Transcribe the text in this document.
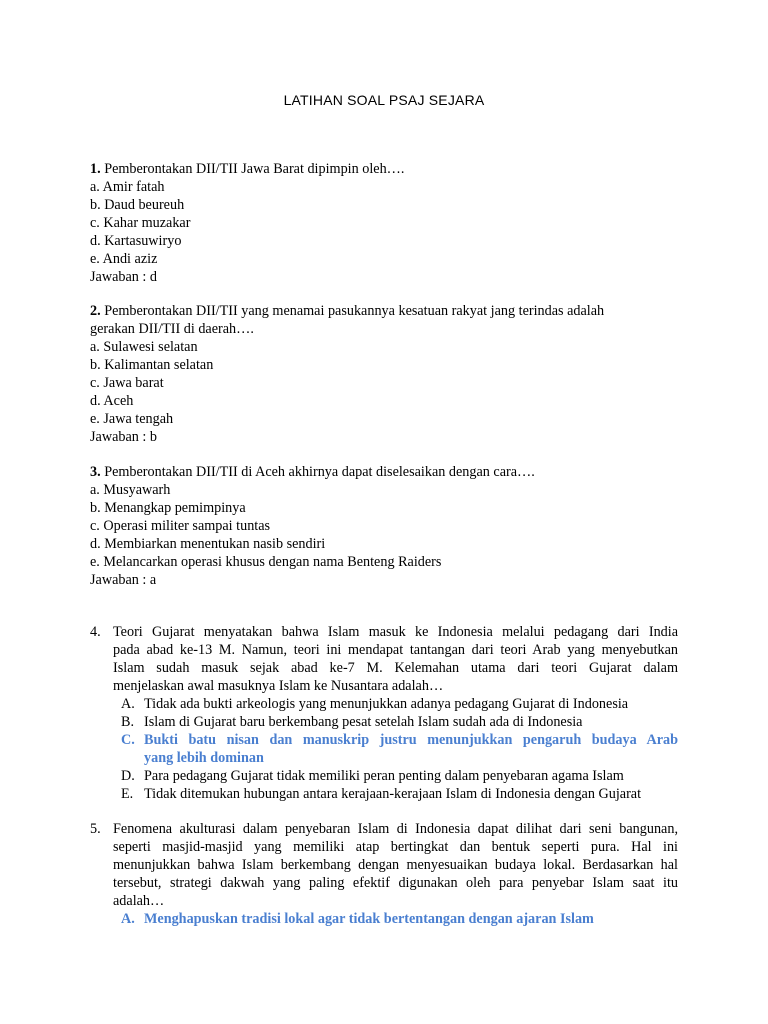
LATIHAN SOAL PSAJ SEJARA
1. Pemberontakan DII/TII Jawa Barat dipimpin oleh….
a. Amir fatah
b. Daud beureuh
c. Kahar muzakar
d. Kartasuwiryo
e. Andi aziz
Jawaban : d
2. Pemberontakan DII/TII yang menamai pasukannya kesatuan rakyat jang terindas adalah
gerakan DII/TII di daerah….
a. Sulawesi selatan
b. Kalimantan selatan
c. Jawa barat
d. Aceh
e. Jawa tengah
Jawaban : b
3. Pemberontakan DII/TII di Aceh akhirnya dapat diselesaikan dengan cara….
a. Musyawarh
b. Menangkap pemimpinya
c. Operasi militer sampai tuntas
d. Membiarkan menentukan nasib sendiri
e. Melancarkan operasi khusus dengan nama Benteng Raiders
Jawaban : a
4. Teori Gujarat menyatakan bahwa Islam masuk ke Indonesia melalui pedagang dari India
pada abad ke-13 M. Namun, teori ini mendapat tantangan dari teori Arab yang menyebutkan
Islam sudah masuk sejak abad ke-7 M. Kelemahan utama dari teori Gujarat dalam
menjelaskan awal masuknya Islam ke Nusantara adalah…
A. Tidak ada bukti arkeologis yang menunjukkan adanya pedagang Gujarat di Indonesia
B. Islam di Gujarat baru berkembang pesat setelah Islam sudah ada di Indonesia
C. Bukti batu nisan dan manuskrip justru menunjukkan pengaruh budaya Arab
yang lebih dominan
D. Para pedagang Gujarat tidak memiliki peran penting dalam penyebaran agama Islam
E. Tidak ditemukan hubungan antara kerajaan-kerajaan Islam di Indonesia dengan Gujarat
5. Fenomena akulturasi dalam penyebaran Islam di Indonesia dapat dilihat dari seni bangunan,
seperti masjid-masjid yang memiliki atap bertingkat dan bentuk seperti pura. Hal ini
menunjukkan bahwa Islam berkembang dengan menyesuaikan budaya lokal. Berdasarkan hal
tersebut, strategi dakwah yang paling efektif digunakan oleh para penyebar Islam saat itu
adalah…
A. Menghapuskan tradisi lokal agar tidak bertentangan dengan ajaran Islam
